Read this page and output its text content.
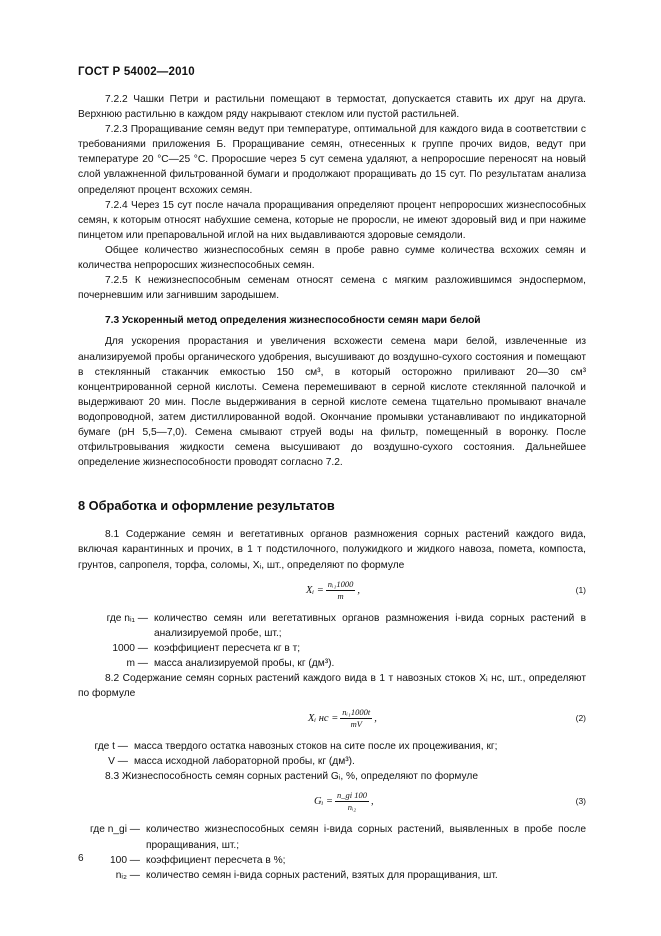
ГОСТ Р 54002—2010

7.2.2 Чашки Петри и растильни помещают в термостат, допускается ставить их друг на друга. Верхнюю растильню в каждом ряду накрывают стеклом или пустой растильней.

7.2.3 Проращивание семян ведут при температуре, оптимальной для каждого вида в соответствии с требованиями приложения Б. Проращивание семян, отнесенных к группе прочих видов, ведут при температуре 20 °C—25 °C. Проросшие через 5 сут семена удаляют, а непроросшие переносят на новый слой увлажненной фильтрованной бумаги и продолжают проращивать до 15 сут. По результатам анализа определяют процент всхожих семян.

7.2.4 Через 15 сут после начала проращивания определяют процент непроросших жизнеспособных семян, к которым относят набухшие семена, которые не проросли, не имеют здоровый вид и при нажиме пинцетом или препаровальной иглой на них выдавливаются здоровые семядоли.

Общее количество жизнеспособных семян в пробе равно сумме количества всхожих семян и количества непроросших жизнеспособных семян.

7.2.5 К нежизнеспособным семенам относят семена с мягким разложившимся эндоспермом, почерневшим или загнившим зародышем.

7.3 Ускоренный метод определения жизнеспособности семян мари белой

Для ускорения прорастания и увеличения всхожести семена мари белой, извлеченные из анализируемой пробы органического удобрения, высушивают до воздушно-сухого состояния и помещают в стеклянный стаканчик емкостью 150 см³, в который осторожно приливают 20—30 см³ концентрированной серной кислоты. Семена перемешивают в серной кислоте стеклянной палочкой и выдерживают 20 мин. После выдерживания в серной кислоте семена тщательно промывают вначале водопроводной, затем дистиллированной водой. Окончание промывки устанавливают по индикаторной бумаге (pH 5,5—7,0). Семена смывают струей воды на фильтр, помещенный в воронку. После отфильтровывания жидкости семена высушивают до воздушно-сухого состояния. Дальнейшее определение жизнеспособности проводят согласно 7.2.

8 Обработка и оформление результатов

8.1 Содержание семян и вегетативных органов размножения сорных растений каждого вида, включая карантинных и прочих, в 1 т подстилочного, полужидкого и жидкого навоза, помета, компоста, грунтов, сапропеля, торфа, соломы, Xᵢ, шт., определяют по формуле

Xᵢ = $\frac{\text{nᵢ₁1000}}{m}$ ,	(1)
где nᵢ₁ — количество семян или вегетативных органов размножения i-вида сорных растений в анализируемой пробе, шт.;
1000 — коэффициент пересчета кг в т;
m — масса анализируемой пробы, кг (дм³).

8.2 Содержание семян сорных растений каждого вида в 1 т навозных стоков Xᵢ нс, шт., определяют по формуле

Xᵢ нс = $\frac{\text{nᵢ₁1000t}}{mV}$ ,	(2)
где t — масса твердого остатка навозных стоков на сите после их процеживания, кг;
V — масса исходной лабораторной пробы, кг (дм³).

8.3 Жизнеспособность семян сорных растений Gᵢ, %, определяют по формуле

Gᵢ = $\frac{n\_gi 100}{\text{nᵢ₂}}$ ,	(3)
где n_gi — количество жизнеспособных семян i-вида сорных растений, выявленных в пробе после проращивания, шт.;
100 — коэффициент пересчета в %;
nᵢ₂ — количество семян i-вида сорных растений, взятых для проращивания, шт.
6
